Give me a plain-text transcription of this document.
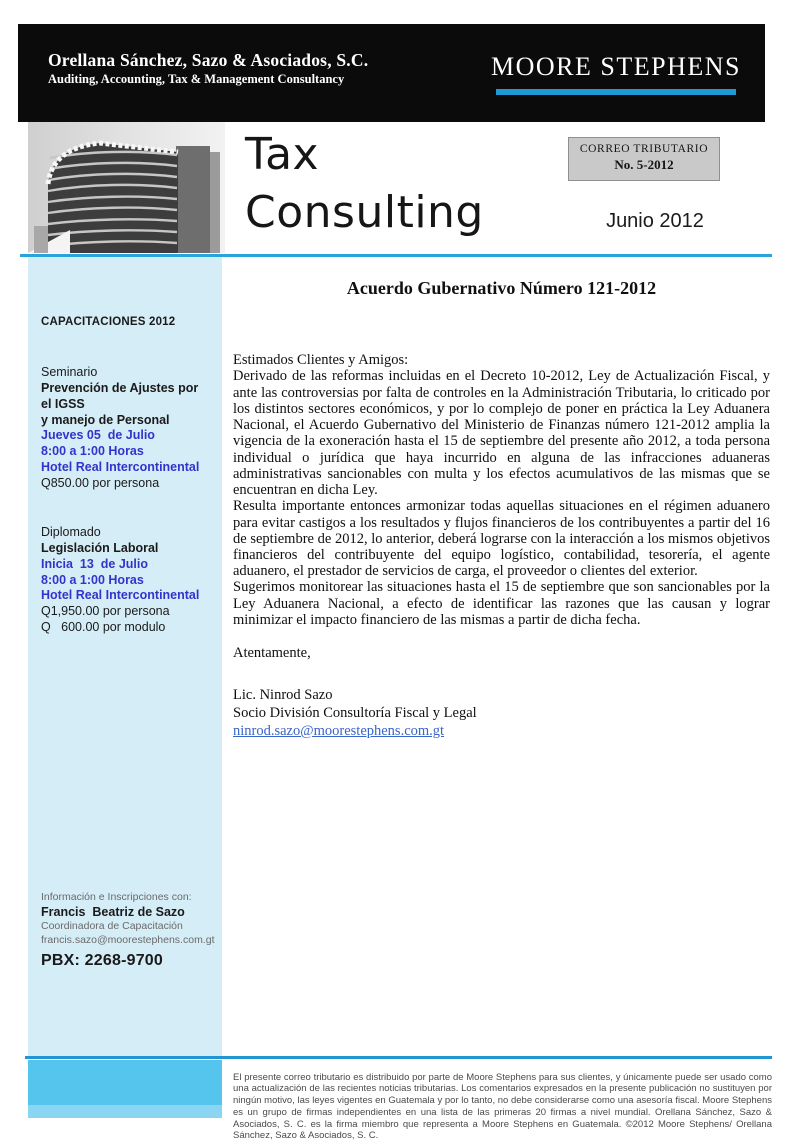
Orellana Sánchez, Sazo & Asociados, S.C.
Auditing, Accounting, Tax & Management Consultancy	MOORE STEPHENS
Tax
Consulting
CORREO TRIBUTARIO
No. 5-2012
Junio 2012
CAPACITACIONES 2012
Seminario
Prevención de Ajustes por el IGSS
y manejo de Personal
Jueves 05  de Julio
8:00 a 1:00 Horas
Hotel Real Intercontinental
Q850.00 por persona
Diplomado
Legislación Laboral
Inicia  13  de Julio
8:00 a 1:00 Horas
Hotel Real Intercontinental
Q1,950.00 por persona
Q   600.00 por modulo
Información e Inscripciones con:
Francis  Beatriz de Sazo
Coordinadora de Capacitación
francis.sazo@moorestephens.com.gt
PBX: 2268-9700
Acuerdo Gubernativo Número 121-2012
Estimados Clientes y Amigos:

Derivado de las reformas incluidas en el Decreto 10-2012, Ley de Actualización Fiscal, y ante las controversias por falta de controles en la Administración Tributaria, lo criticado por los distintos sectores económicos, y por lo complejo de poner en práctica la Ley Aduanera Nacional, el Acuerdo Gubernativo del Ministerio de Finanzas número 121-2012 amplia la vigencia de la exoneración hasta el 15 de septiembre del presente año 2012, a toda persona individual o jurídica que haya incurrido en alguna de las infracciones aduaneras administrativas sancionables con multa y los efectos acumulativos de las mismas que se encuentran en dicha Ley.

Resulta importante entonces armonizar todas aquellas situaciones en el régimen aduanero para evitar castigos a los resultados y flujos financieros de los contribuyentes a partir del 16 de septiembre de 2012, lo anterior, deberá lograrse con la interacción a los mismos objetivos financieros del contribuyente del equipo logístico, contabilidad, tesorería, el agente aduanero, el prestador de servicios de carga, el proveedor o clientes del exterior.

Sugerimos monitorear las situaciones hasta el 15 de septiembre que son sancionables por la Ley Aduanera Nacional, a efecto de identificar las razones que las causan y lograr minimizar el impacto financiero de las mismas a partir de dicha fecha.

Atentamente,
Lic. Ninrod Sazo
Socio División Consultoría Fiscal y Legal
ninrod.sazo@moorestephens.com.gt

El presente correo tributario es distribuido por parte de Moore Stephens para sus clientes, y únicamente puede ser usado como una actualización de las recientes noticias tributarias. Los comentarios expresados en la presente publicación no sustituyen por ningún motivo, las leyes vigentes en Guatemala y por lo tanto, no debe considerarse como una asesoría fiscal. Moore Stephens es un grupo de firmas independientes en una lista de las primeras 20 firmas a nivel mundial. Orellana Sánchez, Sazo & Asociados, S. C. es la firma miembro que representa a Moore Stephens en Guatemala. ©2012 Moore Stephens/ Orellana Sánchez, Sazo & Asociados, S. C.
